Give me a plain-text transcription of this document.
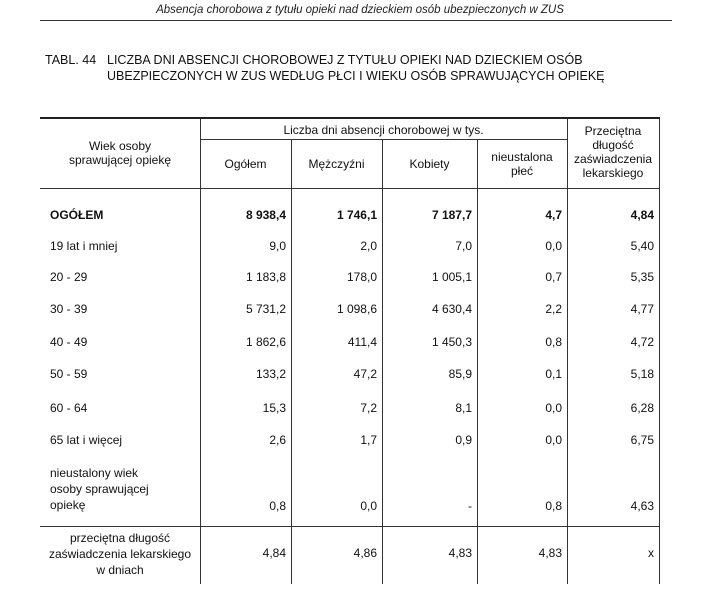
Absencja chorobowa z tytułu opieki nad dzieckiem osób ubezpieczonych w ZUS
TABL. 44 LICZBA DNI ABSENCJI CHOROBOWEJ Z TYTUŁU OPIEKI NAD DZIECKIEM OSÓB
UBEZPIECZONYCH W ZUS WEDŁUG PŁCI I WIEKU OSÓB SPRAWUJĄCYCH OPIEKĘ
Wiek osoby
sprawującej opiekę
Liczba dni absencji chorobowej w tys.
Ogółem	Mężczyźni	Kobiety	nieustalona
płeć
Przeciętna
długość
zaświadczenia
lekarskiego
OGÓŁEM	8 938,4	1 746,1	7 187,7	4,7	4,84
19 lat i mniej	9,0	2,0	7,0	0,0	5,40
20 - 29	1 183,8	178,0	1 005,1	0,7	5,35
30 - 39	5 731,2	1 098,6	4 630,4	2,2	4,77
40 - 49	1 862,6	411,4	1 450,3	0,8	4,72
50 - 59	133,2	47,2	85,9	0,1	5,18
60 - 64	15,3	7,2	8,1	0,0	6,28
65 lat i więcej	2,6	1,7	0,9	0,0	6,75
nieustalony wiek
osoby sprawującej
opiekę	0,8	0,0	-	0,8	4,63
przeciętna długość
zaświadczenia lekarskiego
w dniach
4,84	4,86	4,83	4,83	x
